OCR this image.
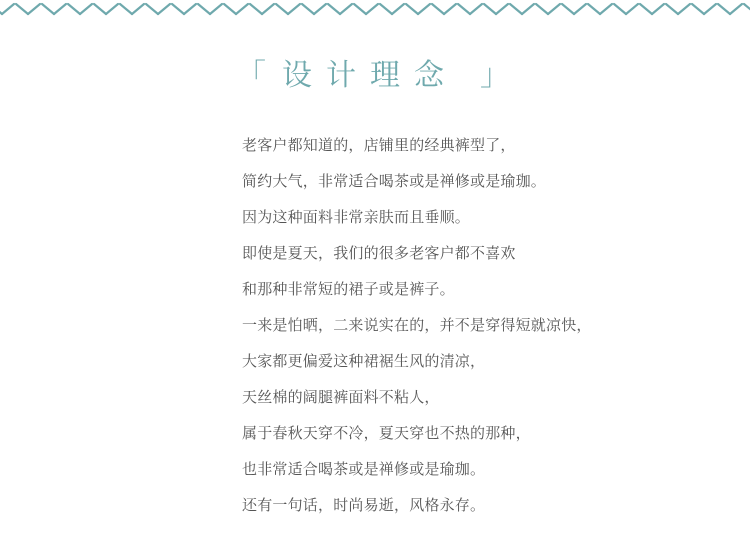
「 设计理念 」
老客户都知道的，店铺里的经典裤型了，
简约大气，非常适合喝茶或是禅修或是瑜珈。
因为这种面料非常亲肤而且垂顺。
即使是夏天，我们的很多老客户都不喜欢
和那种非常短的裙子或是裤子。
一来是怕晒，二来说实在的，并不是穿得短就凉快，
大家都更偏爱这种裙裾生风的清凉，
天丝棉的阔腿裤面料不粘人，
属于春秋天穿不冷，夏天穿也不热的那种，
也非常适合喝茶或是禅修或是瑜珈。
还有一句话，时尚易逝，风格永存。
